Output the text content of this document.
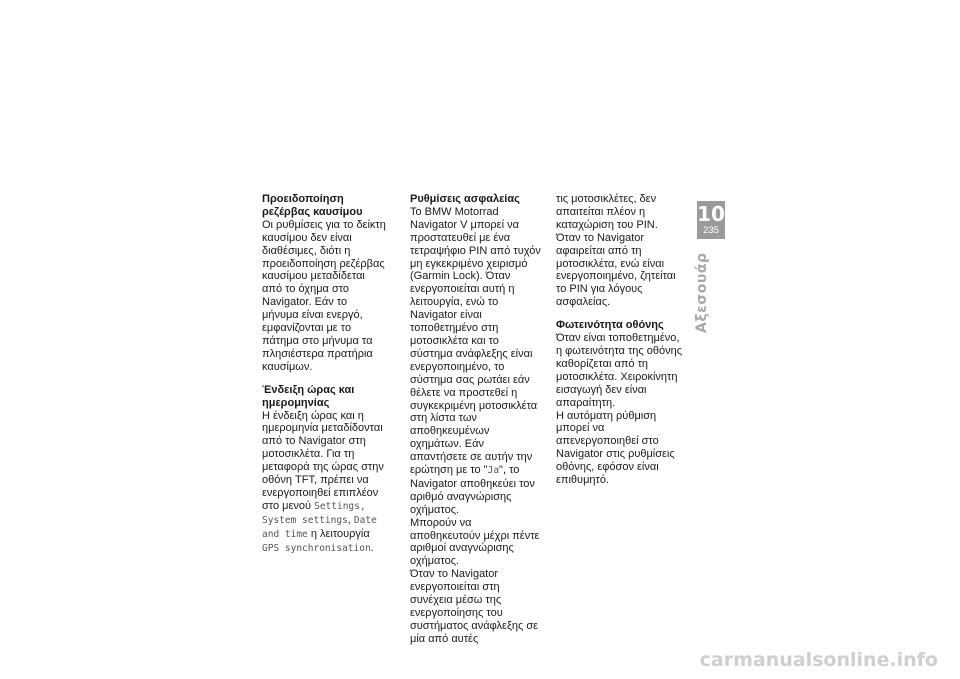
Προειδοποίηση ρεζέρβας καυσίμου

Οι ρυθμίσεις για το δείκτη καυσίμου δεν είναι διαθέσιμες, διότι η προειδοποίηση ρεζέρβας καυσίμου μεταδίδεται από το όχημα στο Navigator. Εάν το μήνυμα είναι ενεργό, εμφανίζονται με το πάτημα στο μήνυμα τα πλησιέστερα πρατήρια καυσίμων.

Ένδειξη ώρας και ημερομηνίας

Η ένδειξη ώρας και η ημερομηνία μεταδίδονται από το Navigator στη μοτοσικλέτα. Για τη μεταφορά της ώρας στην οθόνη TFT, πρέπει να ενεργοποιηθεί επιπλέον στο μενού Settings, System settings, Date and time η λειτουργία GPS synchronisation.

Ρυθμίσεις ασφαλείας

Το BMW Motorrad Navigator V μπορεί να προστατευθεί με ένα τετραψήφιο PIN από τυχόν μη εγκεκριμένο χειρισμό (Garmin Lock). Όταν ενεργοποιείται αυτή η λειτουργία, ενώ το Navigator είναι τοποθετημένο στη μοτοσικλέτα και το σύστημα ανάφλεξης είναι ενεργοποιημένο, το σύστημα σας ρωτάει εάν θέλετε να προστεθεί η συγκεκριμένη μοτοσικλέτα στη λίστα των αποθηκευμένων οχημάτων. Εάν απαντήσετε σε αυτήν την ερώτηση με το "Ja", το Navigator αποθηκεύει τον αριθμό αναγνώρισης οχήματος.

Μπορούν να αποθηκευτούν μέχρι πέντε αριθμοί αναγνώρισης οχήματος.

Όταν το Navigator ενεργοποιείται στη συνέχεια μέσω της ενεργοποίησης του συστήματος ανάφλεξης σε μία από αυτές

τις μοτοσικλέτες, δεν απαιτείται πλέον η καταχώριση του PIN.

Όταν το Navigator αφαιρείται από τη μοτοσικλέτα, ενώ είναι ενεργοποιημένο, ζητείται το PIN για λόγους ασφαλείας.

Φωτεινότητα οθόνης

Όταν είναι τοποθετημένο, η φωτεινότητα της οθόνης καθορίζεται από τη μοτοσικλέτα. Χειροκίνητη εισαγωγή δεν είναι απαραίτητη.

Η αυτόματη ρύθμιση μπορεί να απενεργοποιηθεί στο Navigator στις ρυθμίσεις οθόνης, εφόσον είναι επιθυμητό.

10
235
Αξεσουάρ
carmanualsonline.info
